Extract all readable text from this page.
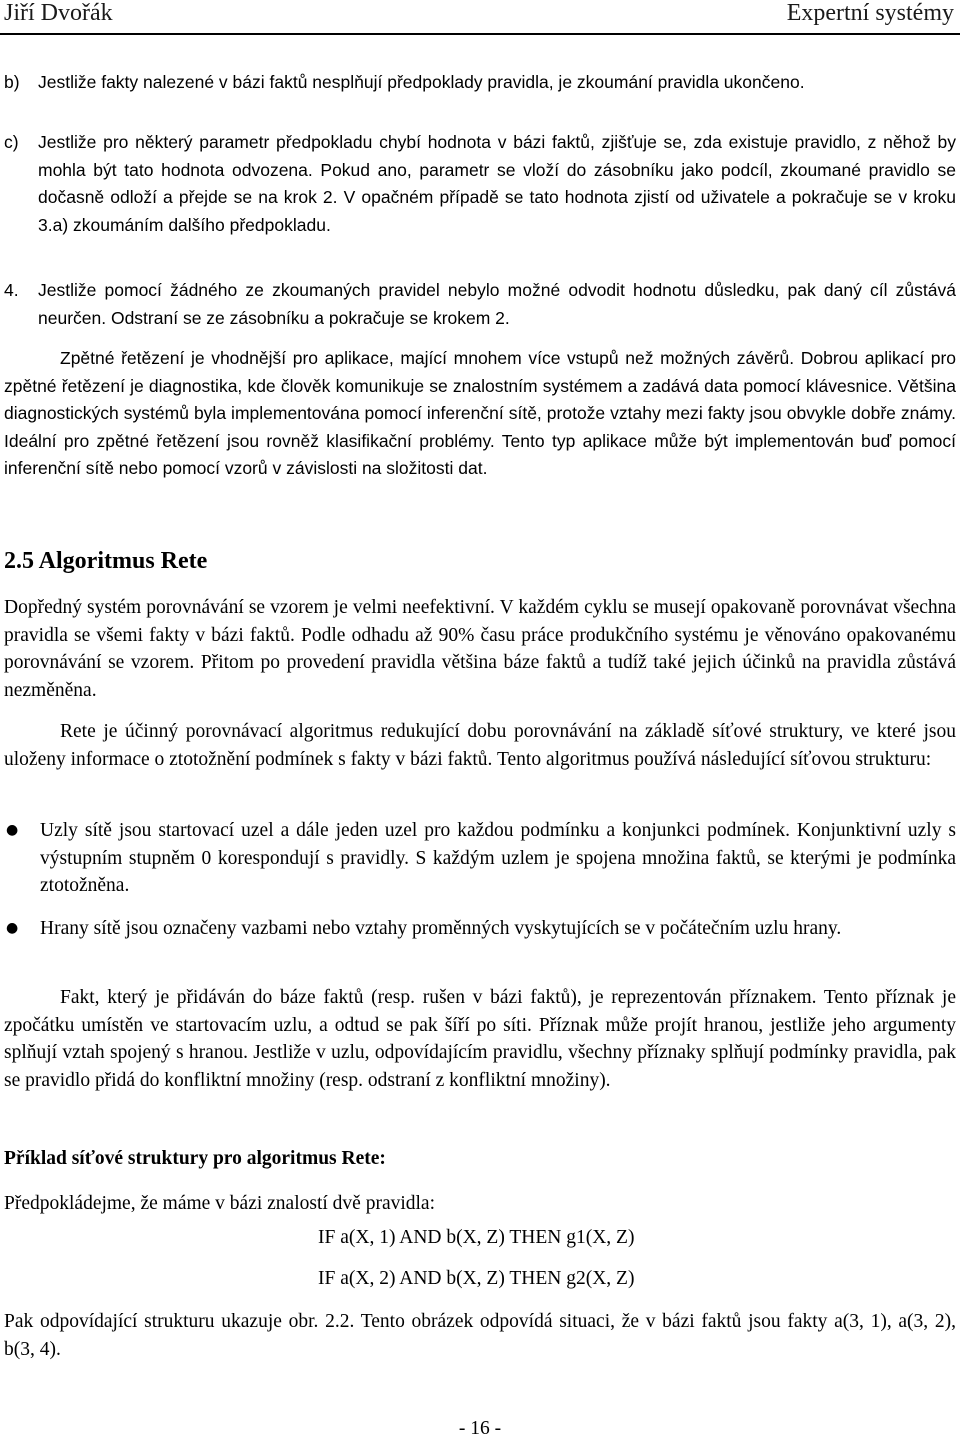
Jiří Dvořák	Expertní systémy
b) Jestliže fakty nalezené v bázi faktů nesplňují předpoklady pravidla, je zkoumání pravidla ukončeno.

c) Jestliže pro některý parametr předpokladu chybí hodnota v bázi faktů, zjišťuje se, zda existuje pravidlo, z něhož by mohla být tato hodnota odvozena. Pokud ano, parametr se vloží do zásobníku jako podcíl, zkoumané pravidlo se dočasně odloží a přejde se na krok 2. V opačném případě se tato hodnota zjistí od uživatele a pokračuje se v kroku 3.a) zkoumáním dalšího předpokladu.

4. Jestliže pomocí žádného ze zkoumaných pravidel nebylo možné odvodit hodnotu důsledku, pak daný cíl zůstává neurčen. Odstraní se ze zásobníku a pokračuje se krokem 2.

Zpětné řetězení je vhodnější pro aplikace, mající mnohem více vstupů než možných závěrů. Dobrou aplikací pro zpětné řetězení je diagnostika, kde člověk komunikuje se znalostním systémem a zadává data pomocí klávesnice. Většina diagnostických systémů byla implementována pomocí inferenční sítě, protože vztahy mezi fakty jsou obvykle dobře známy. Ideální pro zpětné řetězení jsou rovněž klasifikační problémy. Tento typ aplikace může být implementován buď pomocí inferenční sítě nebo pomocí vzorů v závislosti na složitosti dat.

2.5 Algoritmus Rete

Dopředný systém porovnávání se vzorem je velmi neefektivní. V každém cyklu se musejí opakovaně porovnávat všechna pravidla se všemi fakty v bázi faktů. Podle odhadu až 90% času práce produkčního systému je věnováno opakovanému porovnávání se vzorem. Přitom po provedení pravidla většina báze faktů a tudíž také jejich účinků na pravidla zůstává nezměněna.

Rete je účinný porovnávací algoritmus redukující dobu porovnávání na základě síťové struktury, ve které jsou uloženy informace o ztotožnění podmínek s fakty v bázi faktů. Tento algoritmus používá následující síťovou strukturu:

● Uzly sítě jsou startovací uzel a dále jeden uzel pro každou podmínku a konjunkci podmínek. Konjunktivní uzly s výstupním stupněm 0 korespondují s pravidly. S každým uzlem je spojena množina faktů, se kterými je podmínka ztotožněna.

● Hrany sítě jsou označeny vazbami nebo vztahy proměnných vyskytujících se v počátečním uzlu hrany.

Fakt, který je přidáván do báze faktů (resp. rušen v bázi faktů), je reprezentován příznakem. Tento příznak je zpočátku umístěn ve startovacím uzlu, a odtud se pak šíří po síti. Příznak může projít hranou, jestliže jeho argumenty splňují vztah spojený s hranou. Jestliže v uzlu, odpovídajícím pravidlu, všechny příznaky splňují podmínky pravidla, pak se pravidlo přidá do konfliktní množiny (resp. odstraní z konfliktní množiny).

Příklad síťové struktury pro algoritmus Rete:

Předpokládejme, že máme v bázi znalostí dvě pravidla:

IF a(X, 1) AND b(X, Z) THEN g1(X, Z)
IF a(X, 2) AND b(X, Z) THEN g2(X, Z)

Pak odpovídající strukturu ukazuje obr. 2.2. Tento obrázek odpovídá situaci, že v bázi faktů jsou fakty a(3, 1), a(3, 2), b(3, 4).

- 16 -
